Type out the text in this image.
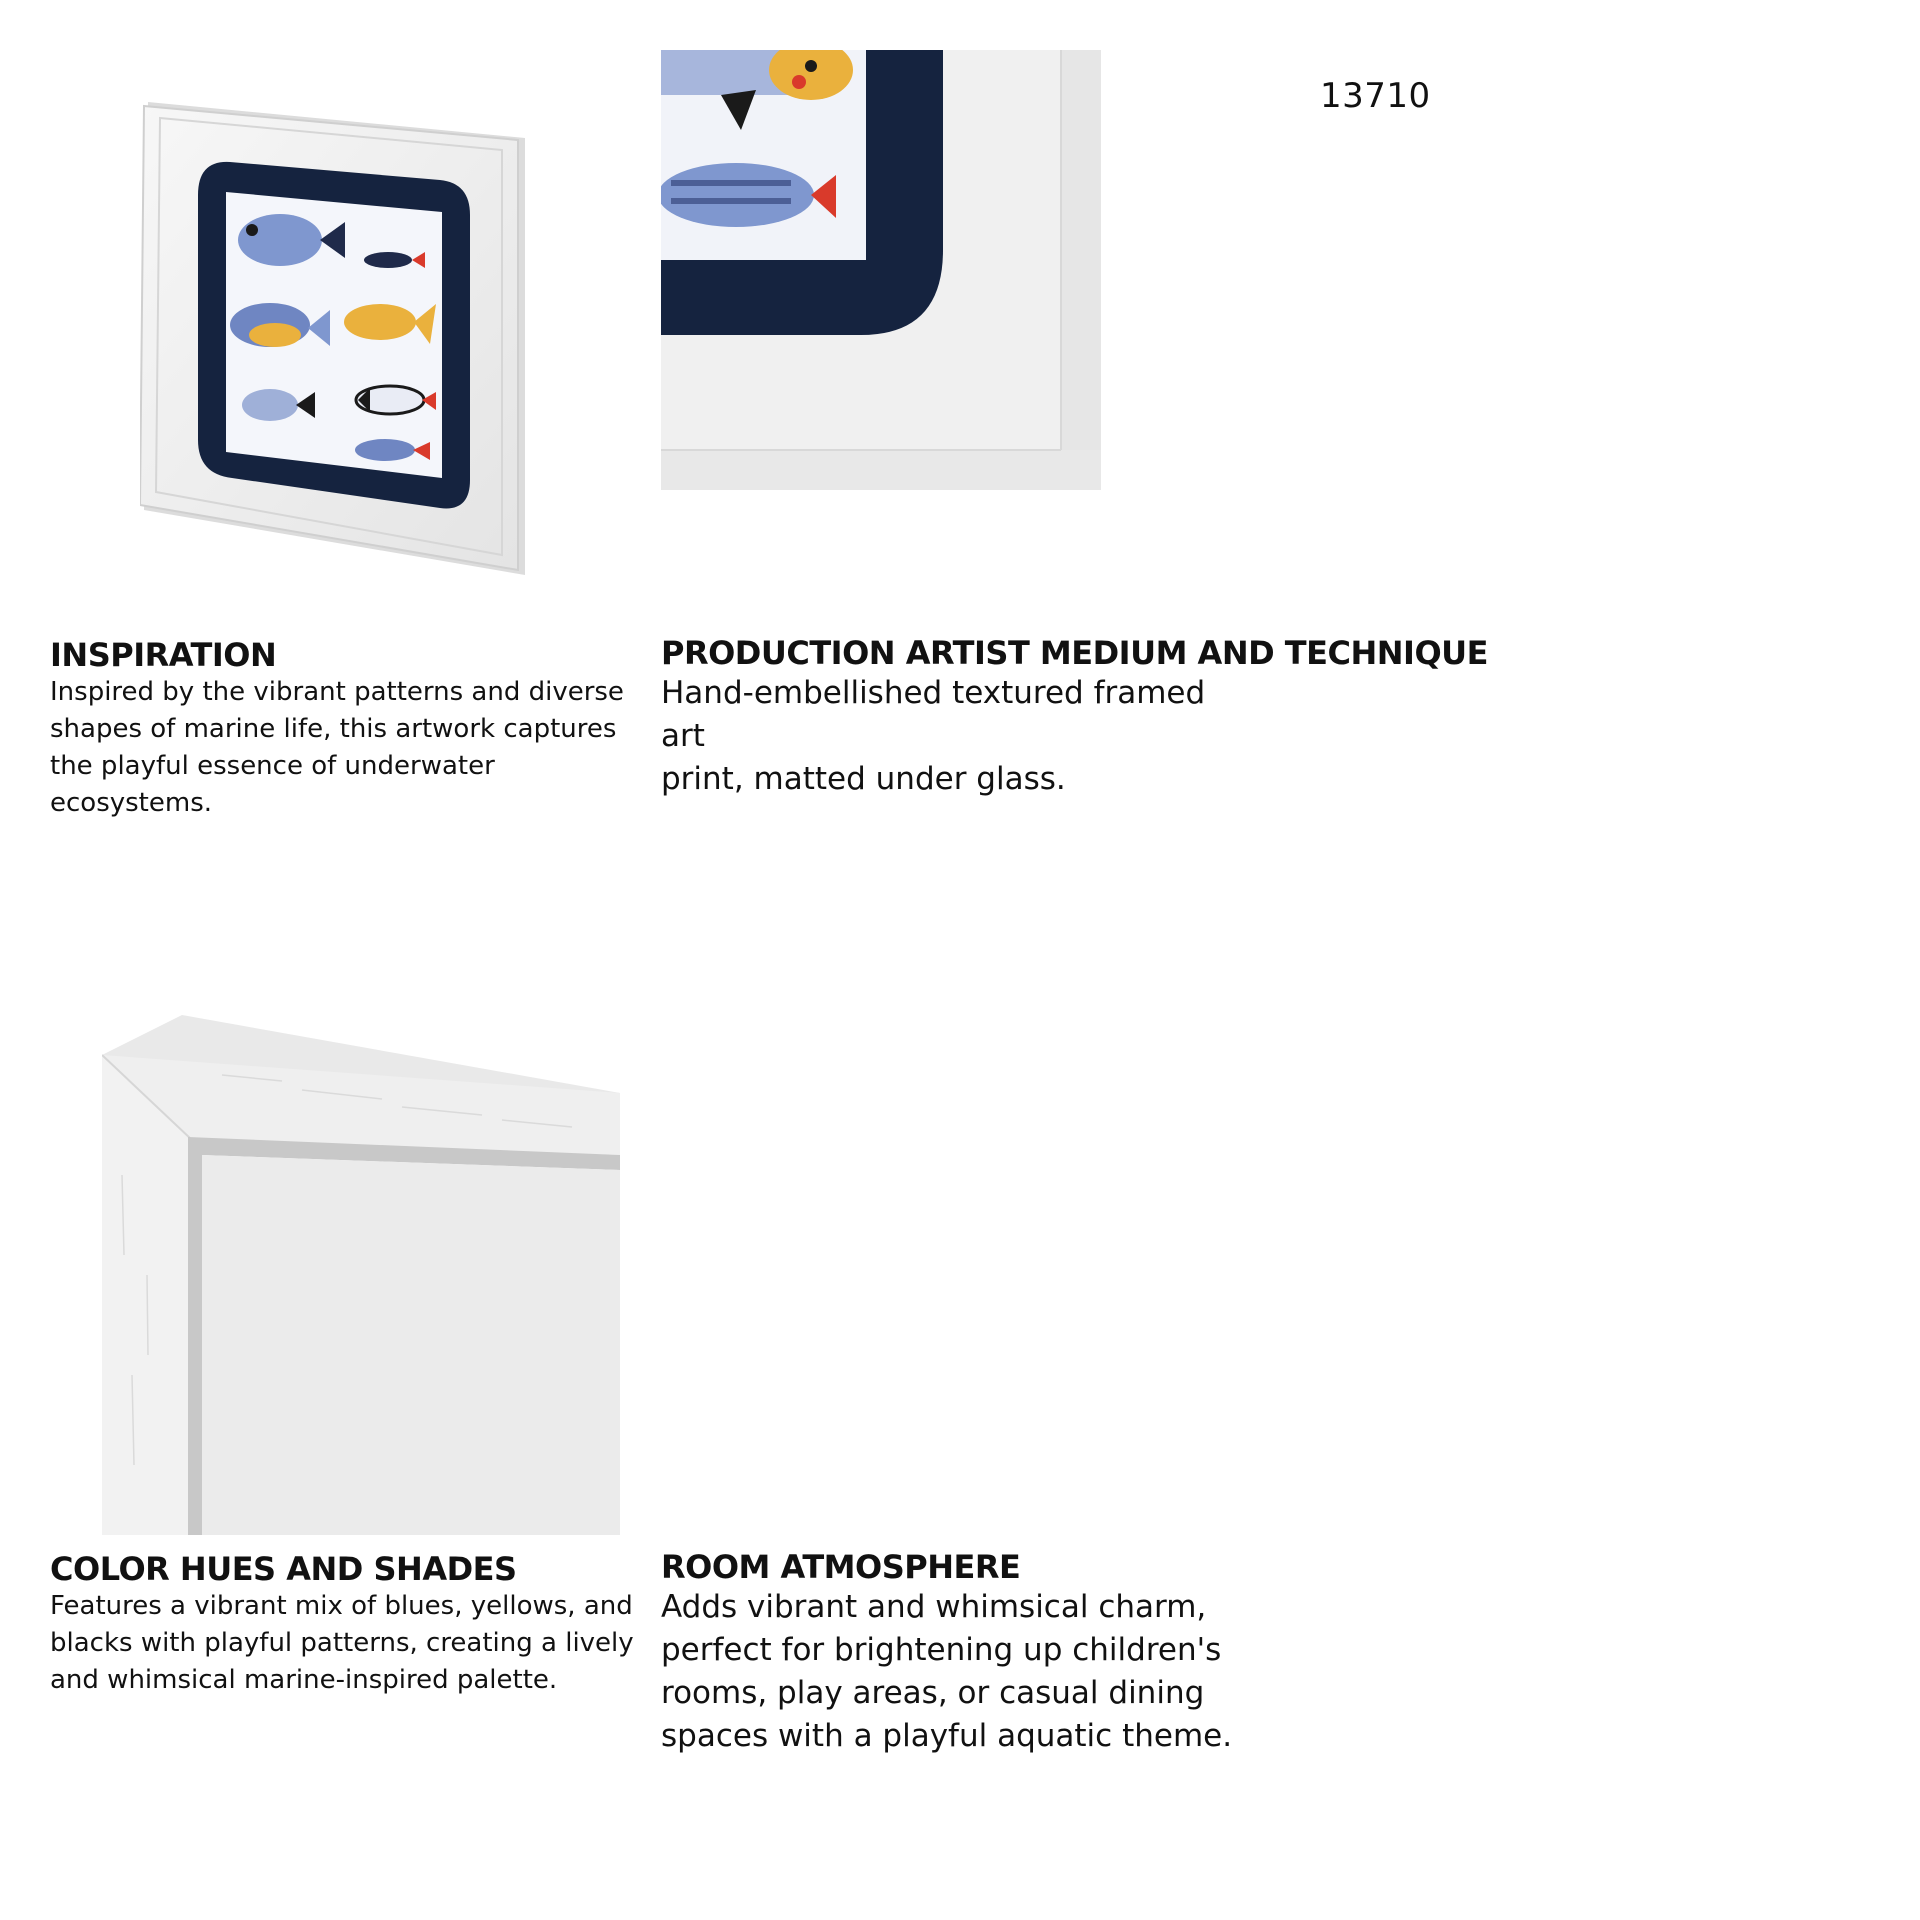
13710
INSPIRATION

Inspired by the vibrant patterns and diverse

shapes of marine life, this artwork captures

the playful essence of underwater ecosystems.

PRODUCTION ARTIST MEDIUM AND TECHNIQUE

Hand-embellished textured framed art

print, matted under glass.

COLOR HUES AND SHADES

Features a vibrant mix of blues, yellows, and

blacks with playful patterns, creating a lively

and whimsical marine-inspired palette.

ROOM ATMOSPHERE

Adds vibrant and whimsical charm,

perfect for brightening up children's

rooms, play areas, or casual dining

spaces with a playful aquatic theme.
